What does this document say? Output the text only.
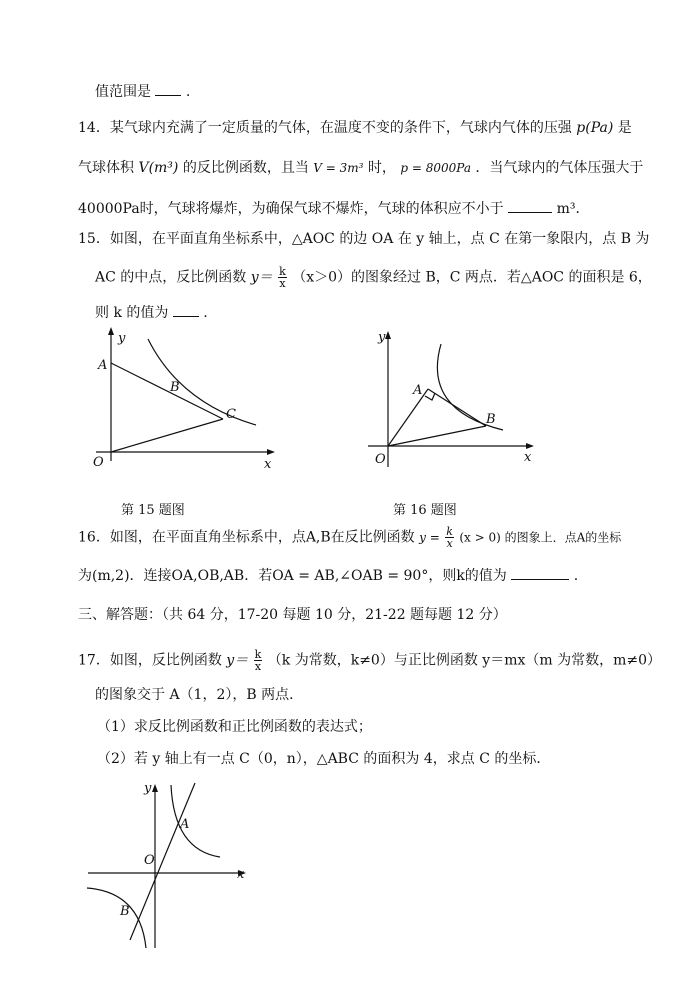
值范围是 .
14．某气球内充满了一定质量的气体，在温度不变的条件下，气球内气体的压强 p(Pa) 是
气球体积 V(m³) 的反比例函数，且当 V = 3m³ 时， p = 8000Pa ．当气球内的气体压强大于
40000Pa时，气球将爆炸，为确保气球不爆炸，气球的体积应不小于	m³．
15．如图，在平面直角坐标系中，△AOC 的边 OA 在 y 轴上，点 C 在第一象限内，点 B 为
AC 的中点，反比例函数 $y= \frac{k}{x} (x>0)$的图象经过 B，C 两点．若△AOC 的面积是 6，
则 k 的值为 .
y
x
A
B
C
O
第 15 题图
y
x
A
B
O
第 16 题图
16．如图，在平面直角坐标系中，点A,B在反比例函数 $y = \frac{k}{x} (x > 0)$ 的图象上．点A的坐标
为(m,2)．连接OA,OB,AB．若OA = AB,∠OAB = 90°，则k的值为	.
三、解答题：（共 64 分，17-20 每题 10 分，21-22 题每题 12 分）
17．如图，反比例函数 $y= \frac{k}{x} (k$ 为常数，k≠0）与正比例函数 y＝mx（m 为常数，m≠0）
的图象交于 A（1，2），B 两点．
（1）求反比例函数和正比例函数的表达式；
（2）若 y 轴上有一点 C（0，n），△ABC 的面积为 4，求点 C 的坐标．
y
x
A
B
O
